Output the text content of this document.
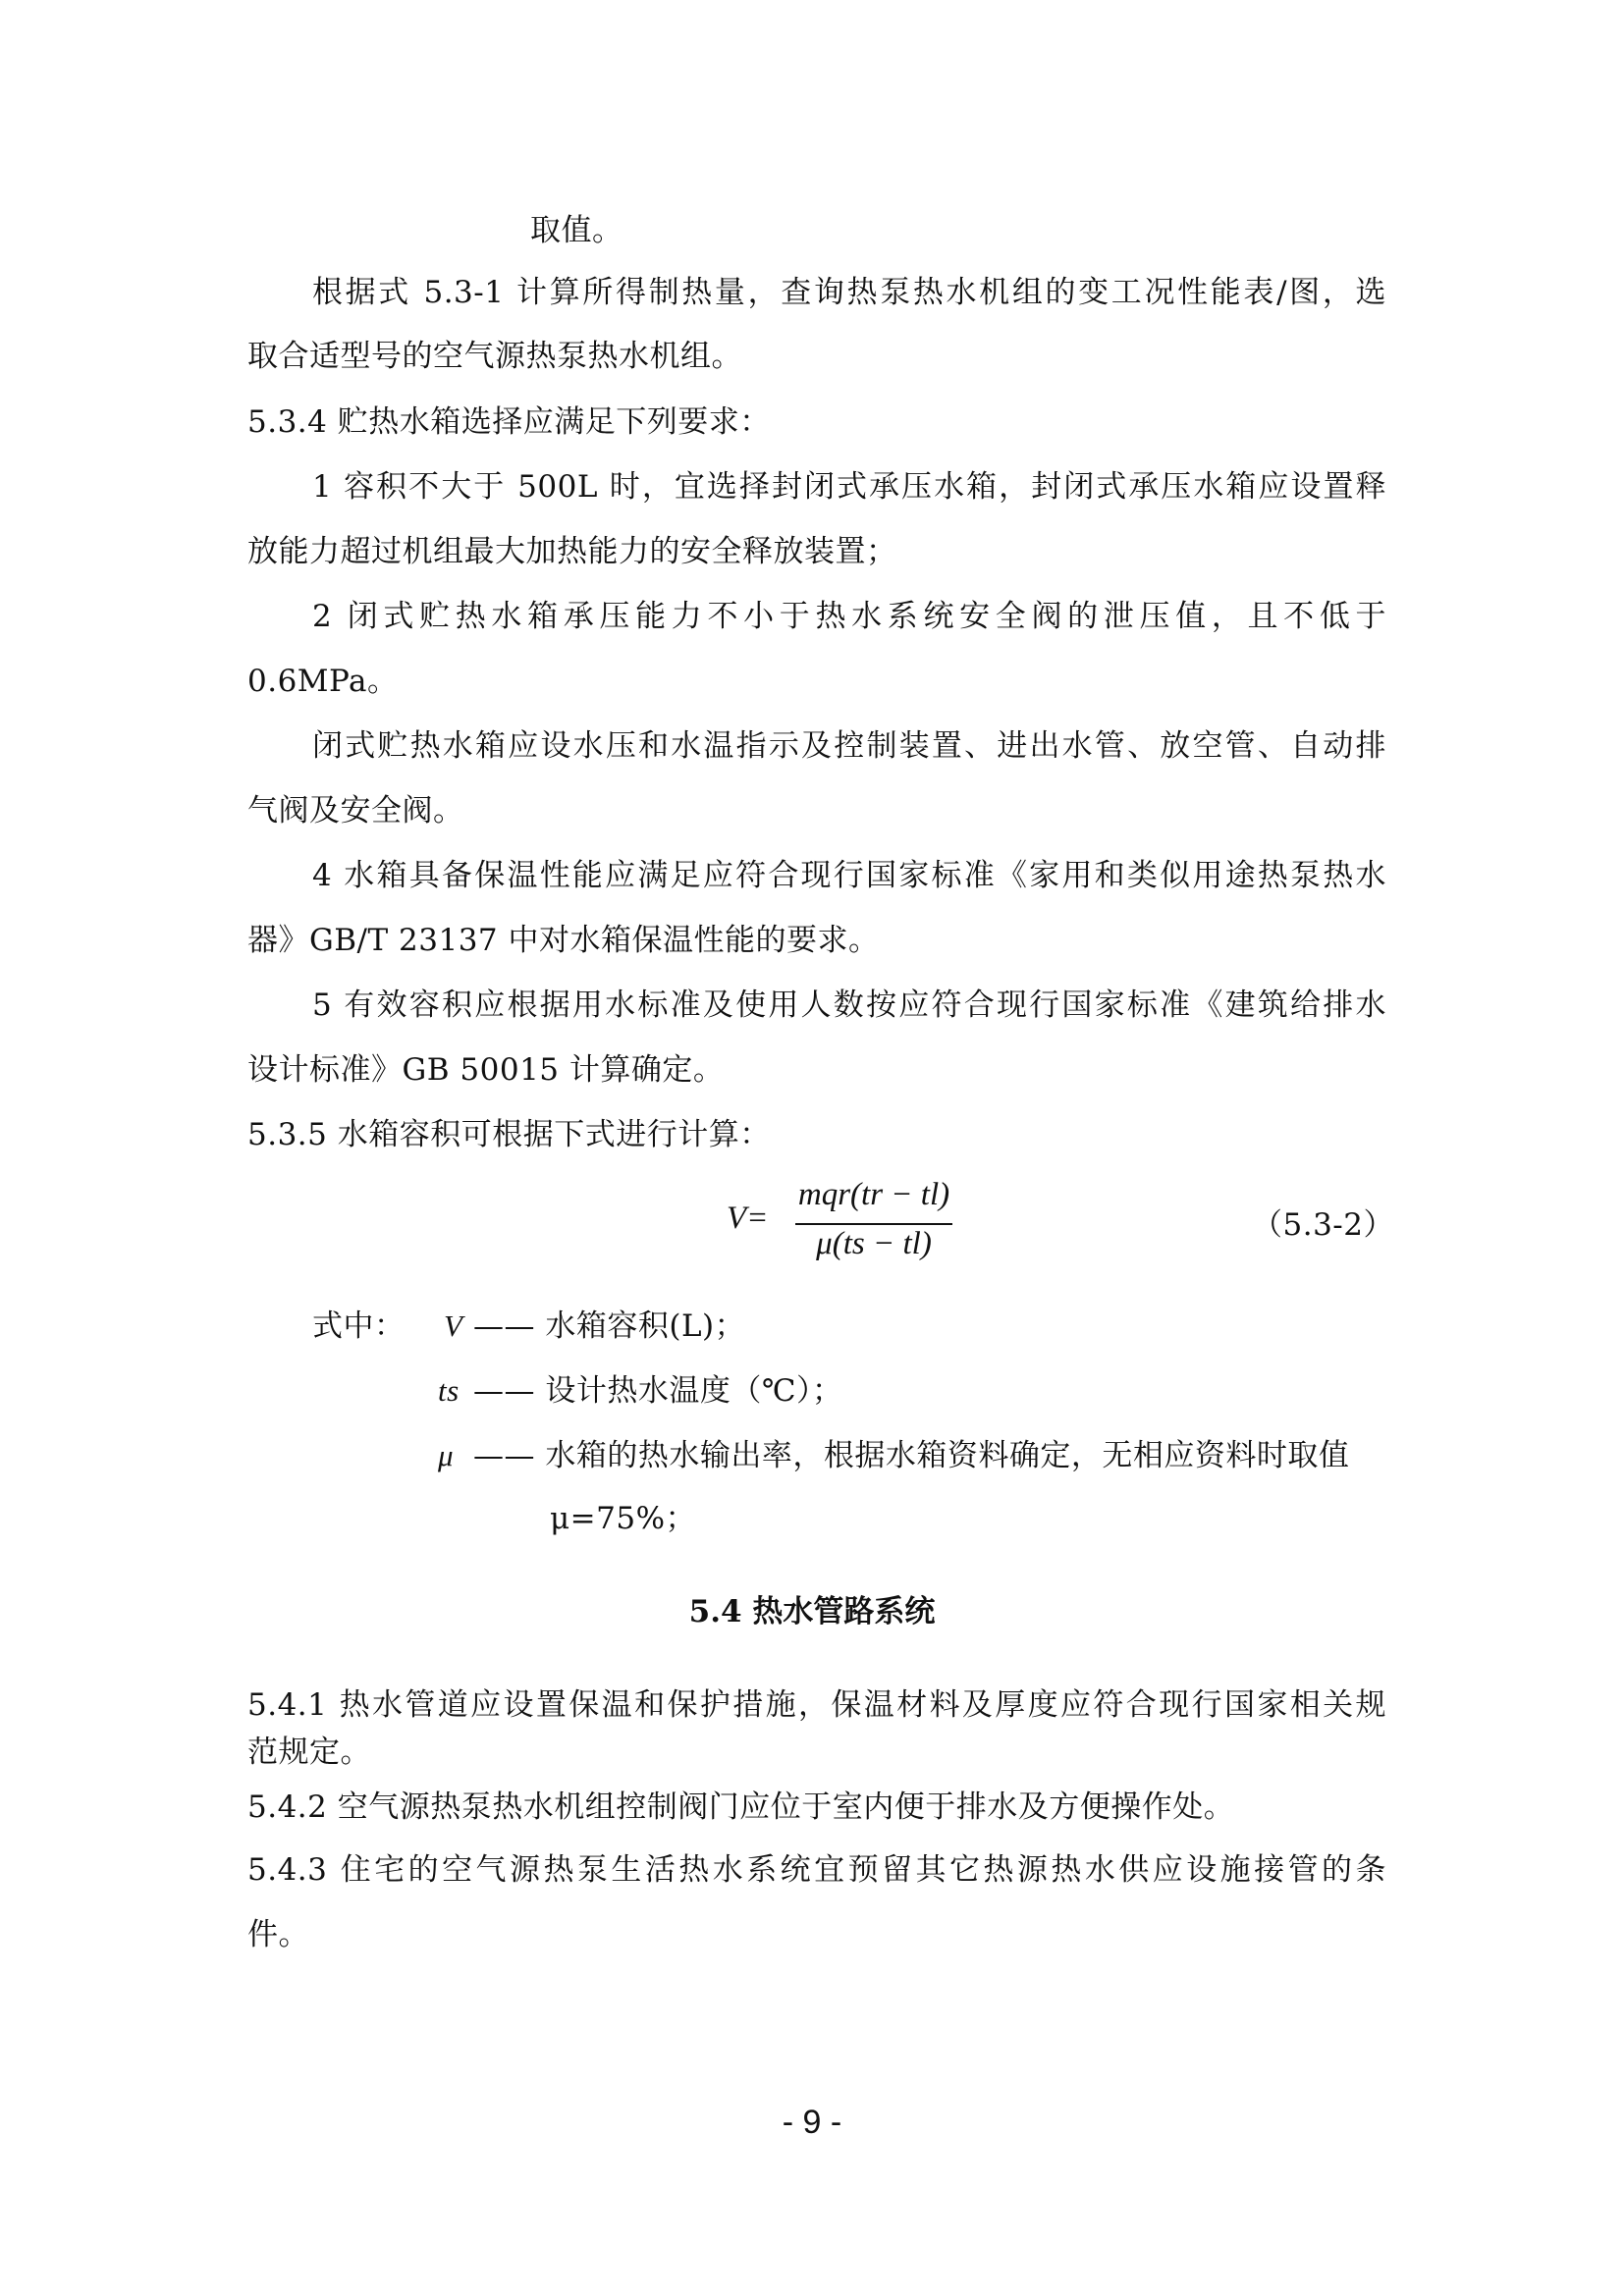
取值。
根据式 5.3-1 计算所得制热量，查询热泵热水机组的变工况性能表/图，选
取合适型号的空气源热泵热水机组。
5.3.4 贮热水箱选择应满足下列要求：
1 容积不大于 500L 时，宜选择封闭式承压水箱，封闭式承压水箱应设置释
放能力超过机组最大加热能力的安全释放装置；
2 闭式贮热水箱承压能力不小于热水系统安全阀的泄压值，且不低于
0.6MPa。
闭式贮热水箱应设水压和水温指示及控制装置、进出水管、放空管、自动排
气阀及安全阀。
4 水箱具备保温性能应满足应符合现行国家标准《家用和类似用途热泵热水
器》GB/T 23137 中对水箱保温性能的要求。
5 有效容积应根据用水标准及使用人数按应符合现行国家标准《建筑给排水
设计标准》GB 50015 计算确定。
5.3.5 水箱容积可根据下式进行计算：
V=
mqr(tr − tl)
μ(ts − tl)
（5.3-2）
式中： V —— 水箱容积(L)；
ts —— 设计热水温度（℃）；
μ —— 水箱的热水输出率，根据水箱资料确定，无相应资料时取值
μ=75%；
5.4 热水管路系统
5.4.1 热水管道应设置保温和保护措施，保温材料及厚度应符合现行国家相关规
范规定。
5.4.2 空气源热泵热水机组控制阀门应位于室内便于排水及方便操作处。
5.4.3 住宅的空气源热泵生活热水系统宜预留其它热源热水供应设施接管的条
件。
- 9 -
